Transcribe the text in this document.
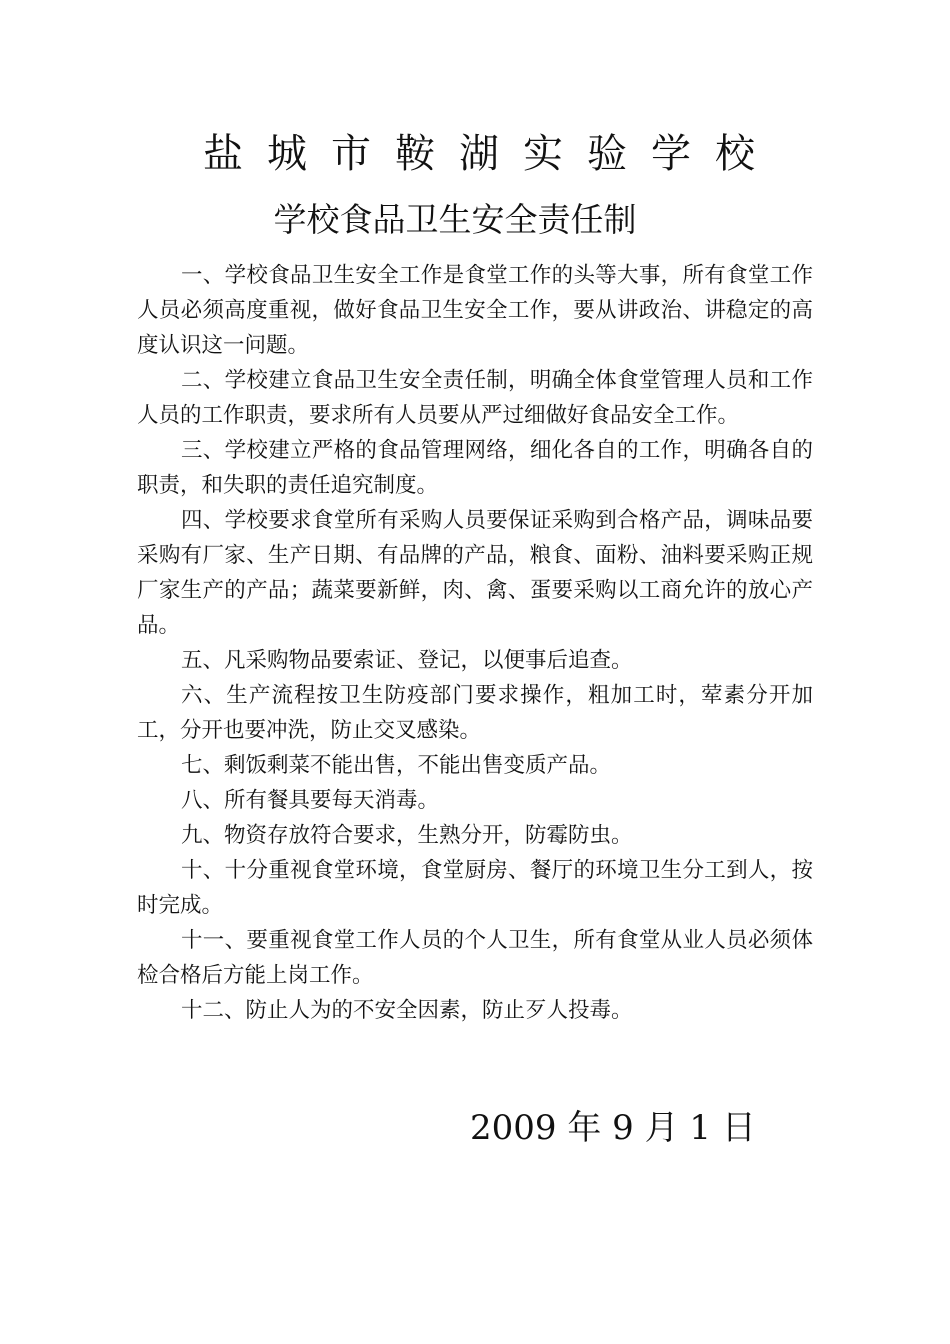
盐城市鞍湖实验学校
学校食品卫生安全责任制

一、学校食品卫生安全工作是食堂工作的头等大事，所有食堂工作人员必须高度重视，做好食品卫生安全工作，要从讲政治、讲稳定的高度认识这一问题。

二、学校建立食品卫生安全责任制，明确全体食堂管理人员和工作人员的工作职责，要求所有人员要从严过细做好食品安全工作。

三、学校建立严格的食品管理网络，细化各自的工作，明确各自的职责，和失职的责任追究制度。

四、学校要求食堂所有采购人员要保证采购到合格产品，调味品要采购有厂家、生产日期、有品牌的产品，粮食、面粉、油料要采购正规厂家生产的产品；蔬菜要新鲜，肉、禽、蛋要采购以工商允许的放心产品。

五、凡采购物品要索证、登记，以便事后追查。

六、生产流程按卫生防疫部门要求操作，粗加工时，荤素分开加工，分开也要冲洗，防止交叉感染。

七、剩饭剩菜不能出售，不能出售变质产品。

八、所有餐具要每天消毒。

九、物资存放符合要求，生熟分开，防霉防虫。

十、十分重视食堂环境，食堂厨房、餐厅的环境卫生分工到人，按时完成。

十一、要重视食堂工作人员的个人卫生，所有食堂从业人员必须体检合格后方能上岗工作。

十二、防止人为的不安全因素，防止歹人投毒。

2009 年 9 月 1 日
